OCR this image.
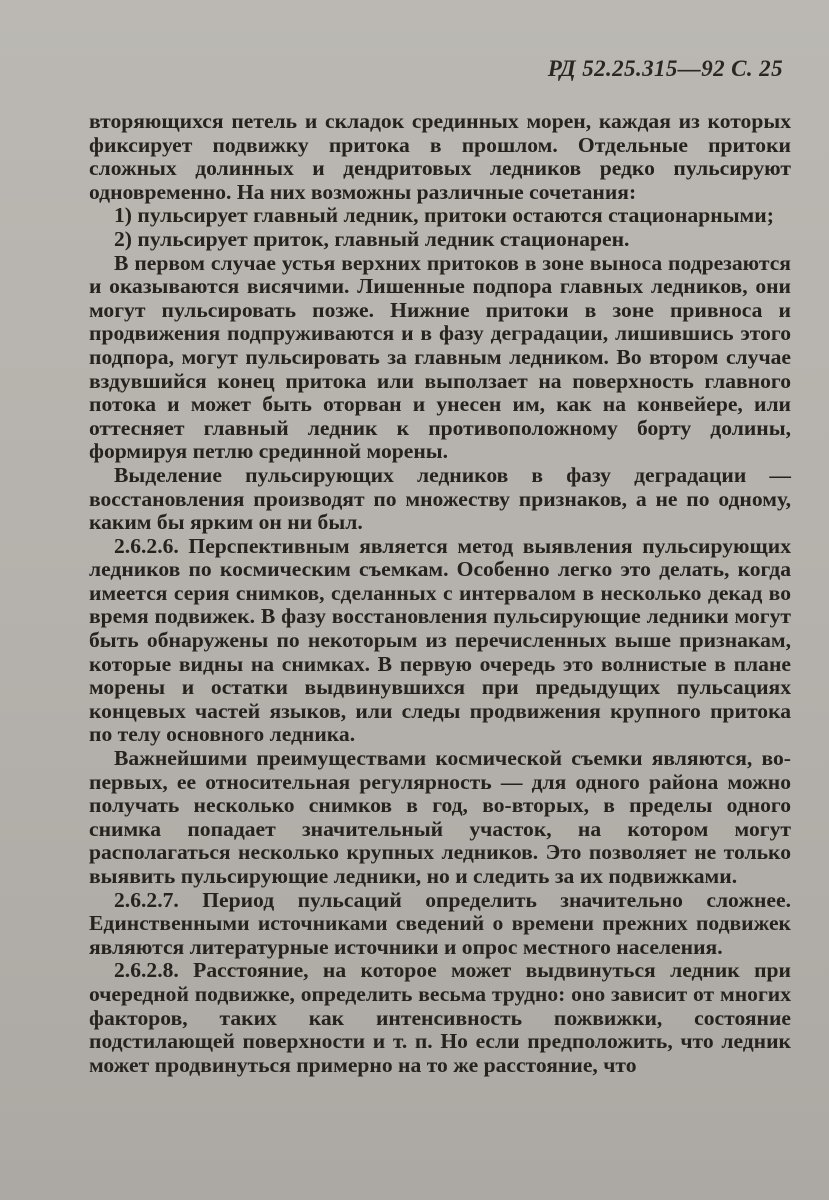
РД 52.25.315—92 С. 25

вторяющихся петель и складок срединных морен, каждая из которых фиксирует подвижку притока в прошлом. Отдельные притоки сложных долинных и дендритовых ледников редко пульсируют одновременно. На них возможны различные сочетания:

1) пульсирует главный ледник, притоки остаются стационарными;

2) пульсирует приток, главный ледник стационарен.

В первом случае устья верхних притоков в зоне выноса подрезаются и оказываются висячими. Лишенные подпора главных ледников, они могут пульсировать позже. Нижние притоки в зоне привноса и продвижения подпруживаются и в фазу деградации, лишившись этого подпора, могут пульсировать за главным ледником. Во втором случае вздувшийся конец притока или выползает на поверхность главного потока и может быть оторван и унесен им, как на конвейере, или оттесняет главный ледник к противоположному борту долины, формируя петлю срединной морены.

Выделение пульсирующих ледников в фазу деградации — восстановления производят по множеству признаков, а не по одному, каким бы ярким он ни был.

2.6.2.6. Перспективным является метод выявления пульсирующих ледников по космическим съемкам. Особенно легко это делать, когда имеется серия снимков, сделанных с интервалом в несколько декад во время подвижек. В фазу восстановления пульсирующие ледники могут быть обнаружены по некоторым из перечисленных выше признакам, которые видны на снимках. В первую очередь это волнистые в плане морены и остатки выдвинувшихся при предыдущих пульсациях концевых частей языков, или следы продвижения крупного притока по телу основного ледника.

Важнейшими преимуществами космической съемки являются, во-первых, ее относительная регулярность — для одного района можно получать несколько снимков в год, во-вторых, в пределы одного снимка попадает значительный участок, на котором могут располагаться несколько крупных ледников. Это позволяет не только выявить пульсирующие ледники, но и следить за их подвижками.

2.6.2.7. Период пульсаций определить значительно сложнее. Единственными источниками сведений о времени прежних подвижек являются литературные источники и опрос местного населения.

2.6.2.8. Расстояние, на которое может выдвинуться ледник при очередной подвижке, определить весьма трудно: оно зависит от многих факторов, таких как интенсивность пожвижки, состояние подстилающей поверхности и т. п. Но если предположить, что ледник может продвинуться примерно на то же расстояние, что
